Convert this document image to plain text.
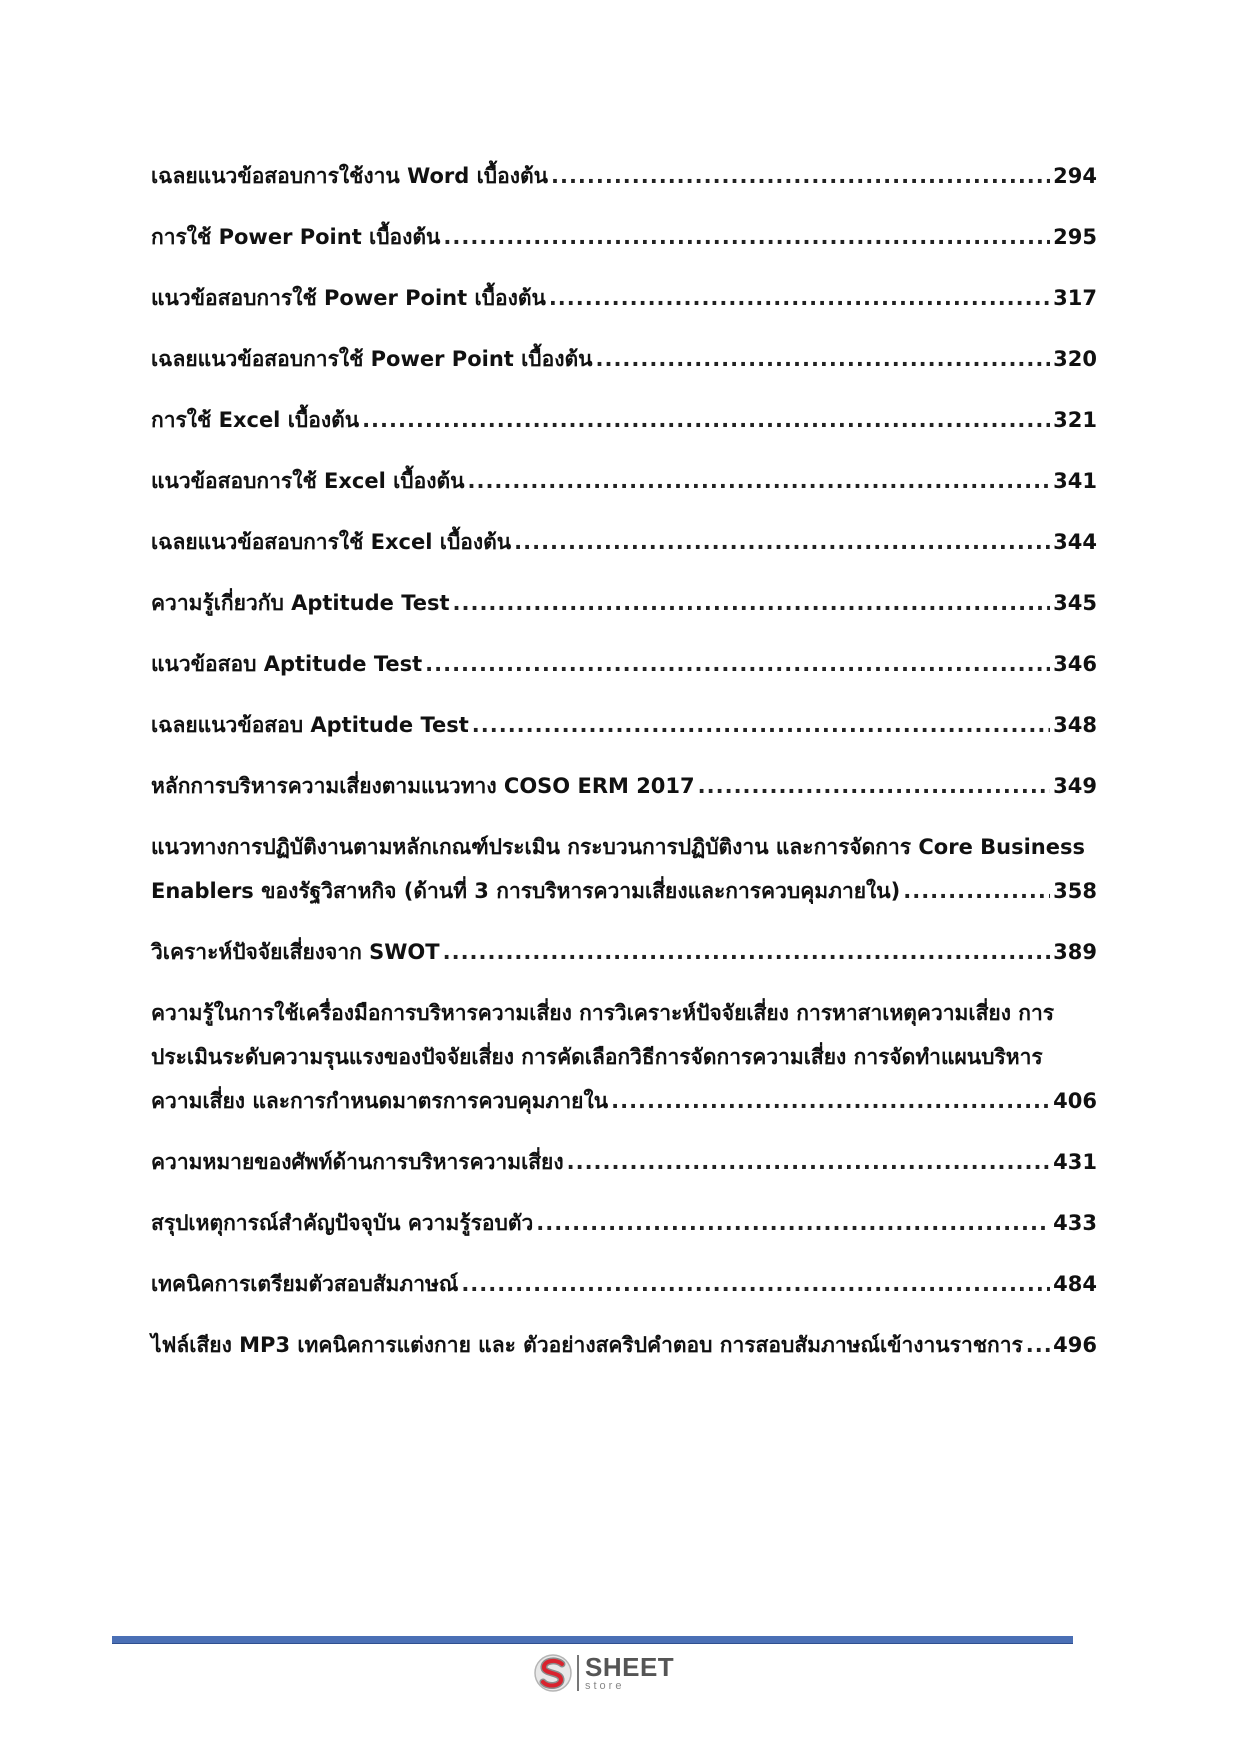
เฉลยแนวข้อสอบการใช้งาน Word เบื้องต้น .....	294
การใช้ Power Point เบื้องต้น .....	295
แนวข้อสอบการใช้ Power Point เบื้องต้น .....	317
เฉลยแนวข้อสอบการใช้ Power Point เบื้องต้น .....	320
การใช้ Excel เบื้องต้น .....	321
แนวข้อสอบการใช้ Excel เบื้องต้น .....	341
เฉลยแนวข้อสอบการใช้ Excel เบื้องต้น .....	344
ความรู้เกี่ยวกับ Aptitude Test .....	345
แนวข้อสอบ Aptitude Test .....	346
เฉลยแนวข้อสอบ Aptitude Test .....	348
หลักการบริหารความเสี่ยงตามแนวทาง COSO ERM 2017 .....	349
แนวทางการปฏิบัติงานตามหลักเกณฑ์ประเมิน กระบวนการปฏิบัติงาน และการจัดการ Core Business
Enablers ของรัฐวิสาหกิจ (ด้านที่ 3 การบริหารความเสี่ยงและการควบคุมภายใน) .....	358
วิเคราะห์ปัจจัยเสี่ยงจาก SWOT .....	389
ความรู้ในการใช้เครื่องมือการบริหารความเสี่ยง การวิเคราะห์ปัจจัยเสี่ยง การหาสาเหตุความเสี่ยง การ
ประเมินระดับความรุนแรงของปัจจัยเสี่ยง การคัดเลือกวิธีการจัดการความเสี่ยง การจัดทำแผนบริหาร
ความเสี่ยง และการกำหนดมาตรการควบคุมภายใน .....	406
ความหมายของศัพท์ด้านการบริหารความเสี่ยง .....	431
สรุปเหตุการณ์สำคัญปัจจุบัน ความรู้รอบตัว .....	433
เทคนิคการเตรียมตัวสอบสัมภาษณ์ .....	484
ไฟล์เสียง MP3 เทคนิคการแต่งกาย และ ตัวอย่างสคริปคำตอบ การสอบสัมภาษณ์เข้างานราชการ ..... 496
SHEET
store
